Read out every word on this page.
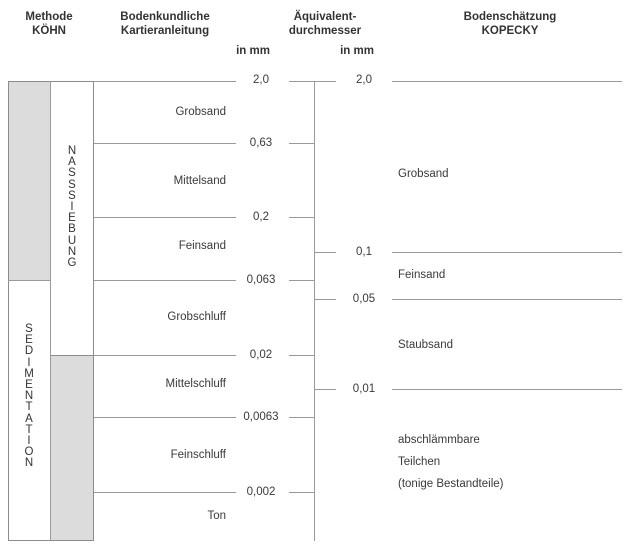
Methode
KÖHN
Bodenkundliche
Kartieranleitung
Äquivalent-
durchmesser
in mm	in mm
Bodenschätzung
KOPECKY
N
A
S
S
S
I
E
B
U
N
G
S
E
D
I
M
E
N
T
A
T
I
O
N
Grobsand
Mittelsand
Feinsand
Grobschluff
Mittelschluff
Feinschluff
Ton
2,0
0,63
0,2
0,063
0,02
0,0063
0,002
2,0
0,1
0,05
0,01
Grobsand
Feinsand
Staubsand
abschlämmbare
Teilchen
(tonige Bestandteile)
